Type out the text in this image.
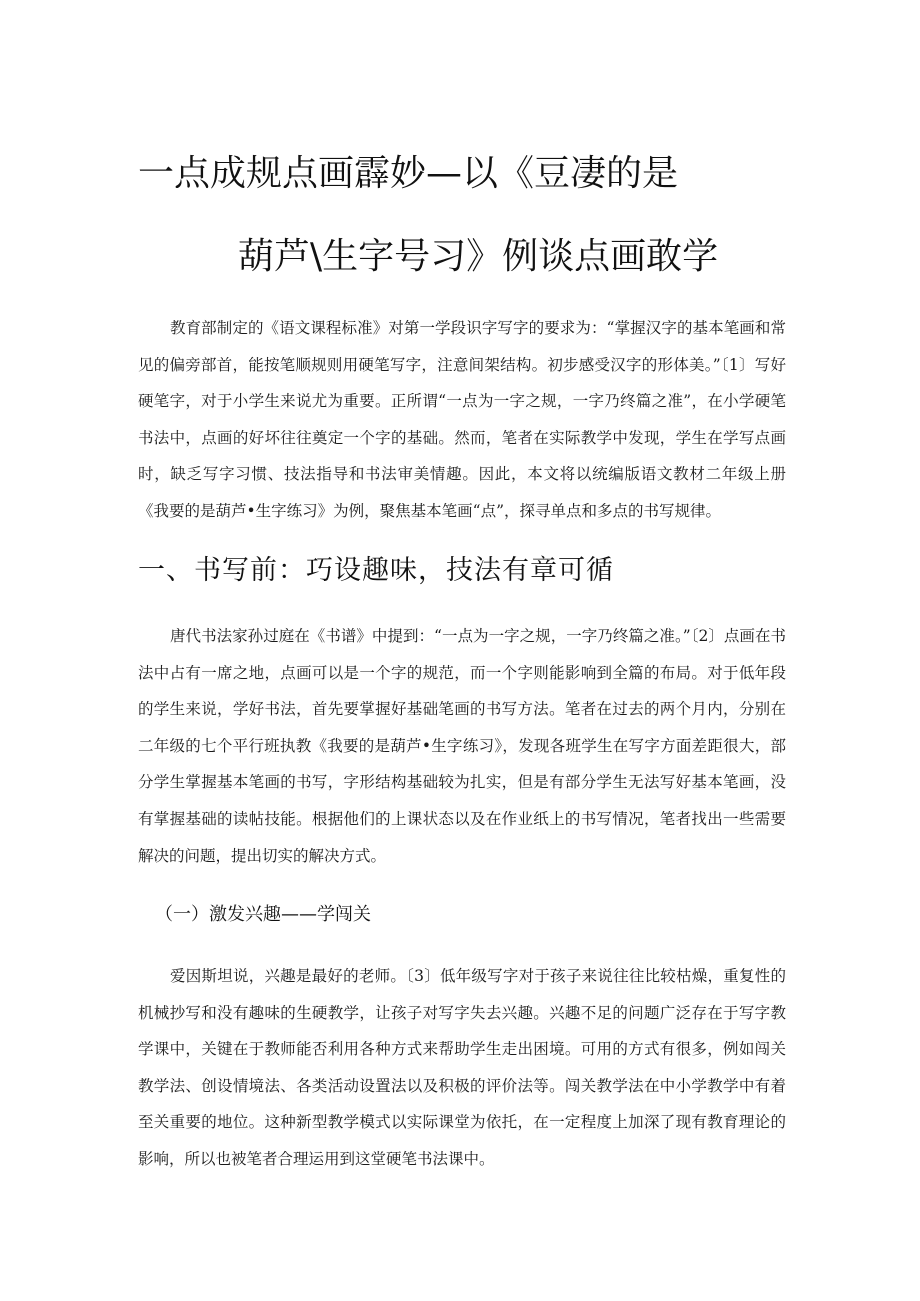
一点成规点画霹妙—以《豆凄的是
葫芦\生字号习》例谈点画敢学

教育部制定的《语文课程标准》对第一学段识字写字的要求为：“掌握汉字的基本笔画和常见的偏旁部首，能按笔顺规则用硬笔写字，注意间架结构。初步感受汉字的形体美。”〔1〕写好硬笔字，对于小学生来说尤为重要。正所谓“一点为一字之规，一字乃终篇之准”，在小学硬笔书法中，点画的好坏往往奠定一个字的基础。然而，笔者在实际教学中发现，学生在学写点画时，缺乏写字习惯、技法指导和书法审美情趣。因此，本文将以统编版语文教材二年级上册《我要的是葫芦•生字练习》为例，聚焦基本笔画“点”，探寻单点和多点的书写规律。

一、书写前：巧设趣味，技法有章可循

唐代书法家孙过庭在《书谱》中提到：“一点为一字之规，一字乃终篇之准。”〔2〕点画在书法中占有一席之地，点画可以是一个字的规范，而一个字则能影响到全篇的布局。对于低年段的学生来说，学好书法，首先要掌握好基础笔画的书写方法。笔者在过去的两个月内，分别在二年级的七个平行班执教《我要的是葫芦•生字练习》，发现各班学生在写字方面差距很大，部分学生掌握基本笔画的书写，字形结构基础较为扎实，但是有部分学生无法写好基本笔画，没有掌握基础的读帖技能。根据他们的上课状态以及在作业纸上的书写情况，笔者找出一些需要解决的问题，提出切实的解决方式。

（一）激发兴趣——学闯关

爱因斯坦说，兴趣是最好的老师。〔3〕低年级写字对于孩子来说往往比较枯燥，重复性的机械抄写和没有趣味的生硬教学，让孩子对写字失去兴趣。兴趣不足的问题广泛存在于写字教学课中，关键在于教师能否利用各种方式来帮助学生走出困境。可用的方式有很多，例如闯关教学法、创设情境法、各类活动设置法以及积极的评价法等。闯关教学法在中小学教学中有着至关重要的地位。这种新型教学模式以实际课堂为依托，在一定程度上加深了现有教育理论的影响，所以也被笔者合理运用到这堂硬笔书法课中。
